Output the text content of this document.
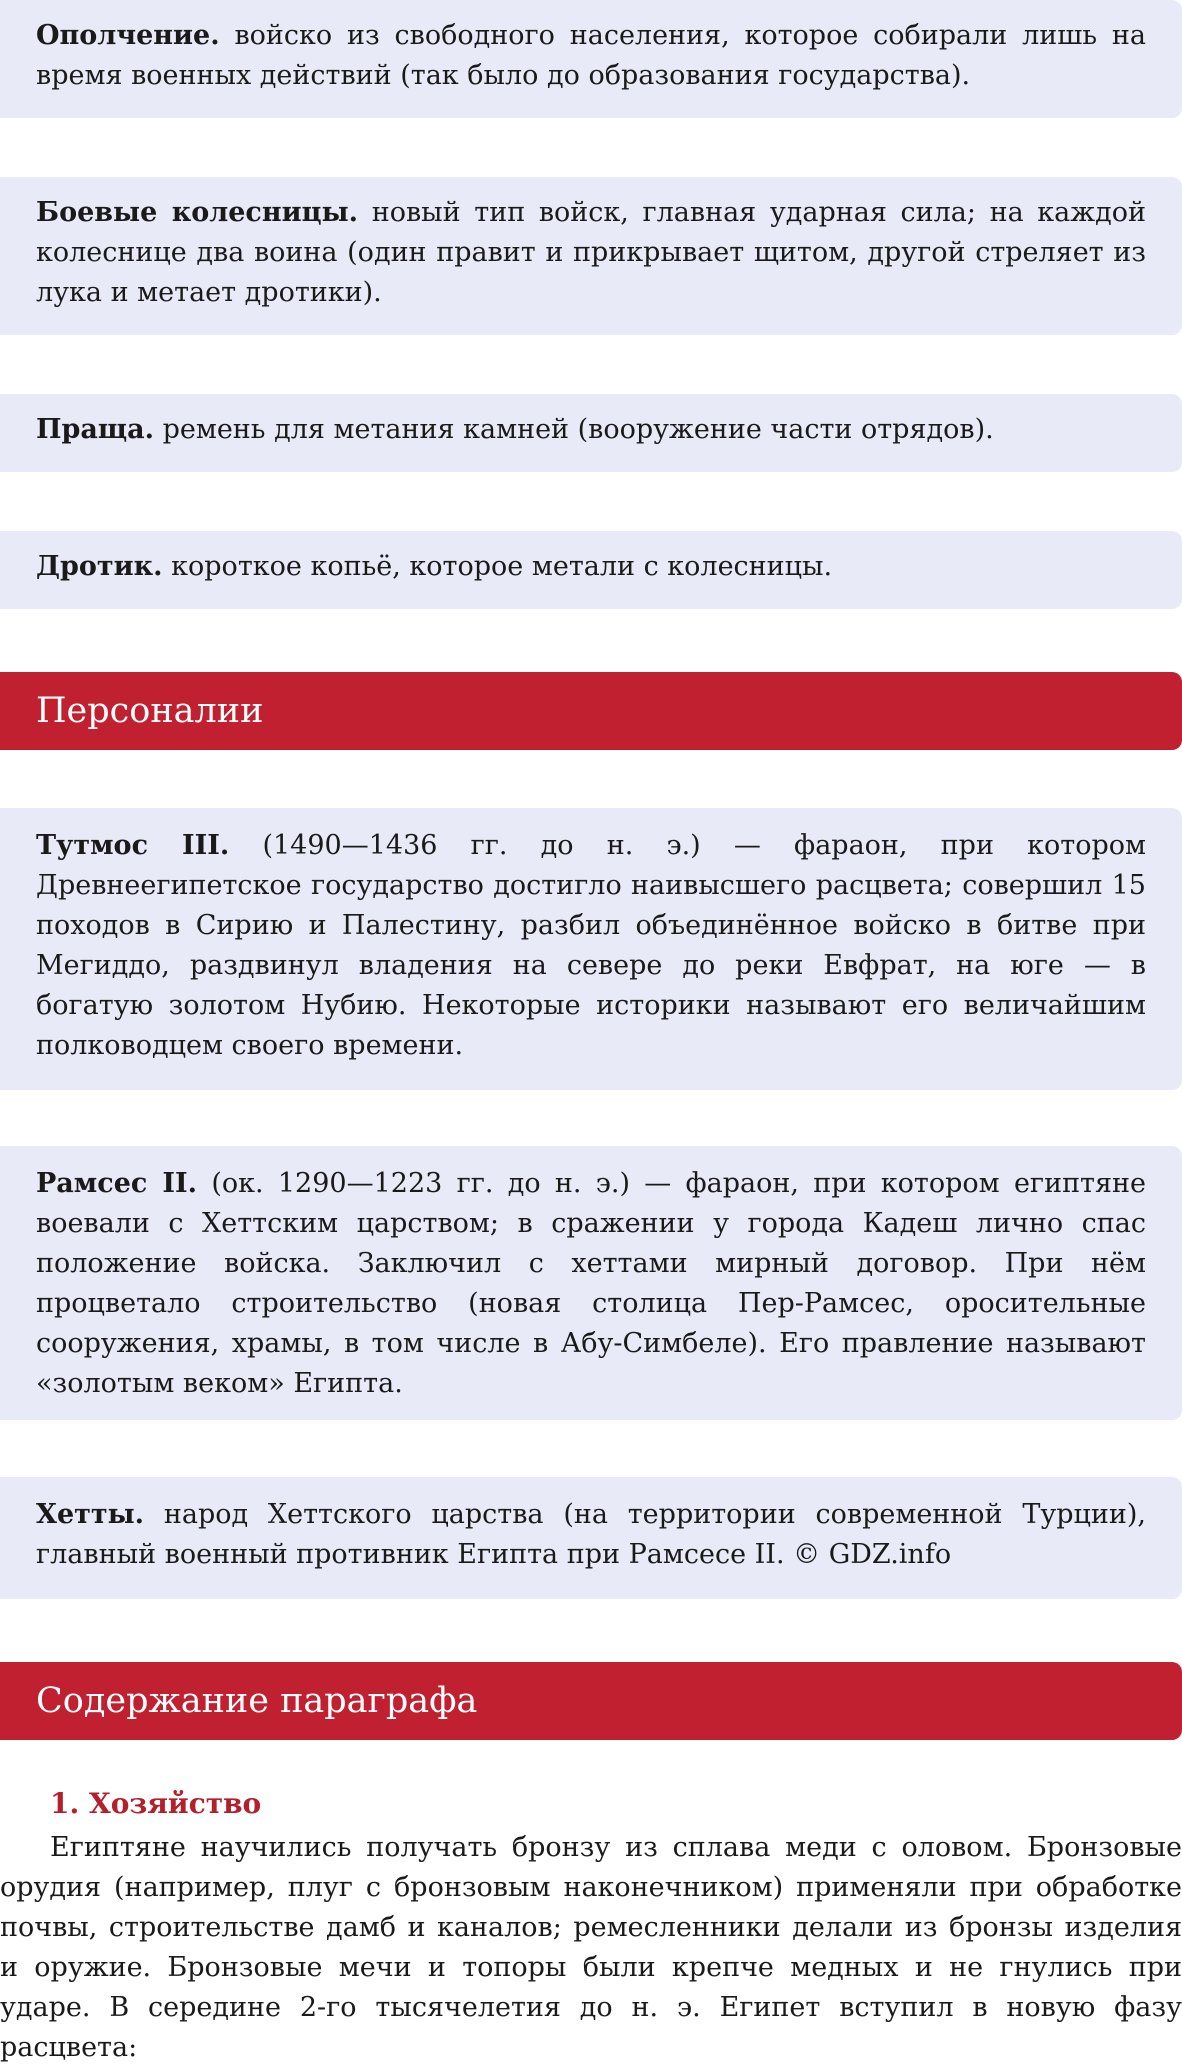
Ополчение. войско из свободного населения, которое собирали лишь на время военных действий (так было до образования государства).
Боевые колесницы. новый тип войск, главная ударная сила; на каждой колеснице два воина (один правит и прикрывает щитом, другой стреляет из лука и метает дротики).
Праща. ремень для метания камней (вооружение части отрядов).
Дротик. короткое копьё, которое метали с колесницы.
Персоналии
Тутмос III. (1490—1436 гг. до н. э.) — фараон, при котором Древнеегипетское государство достигло наивысшего расцвета; совершил 15 походов в Сирию и Палестину, разбил объединённое войско в битве при Мегиддо, раздвинул владения на севере до реки Евфрат, на юге — в богатую золотом Нубию. Некоторые историки называют его величайшим полководцем своего времени.
Рамсес II. (ок. 1290—1223 гг. до н. э.) — фараон, при котором египтяне воевали с Хеттским царством; в сражении у города Кадеш лично спас положение войска. Заключил с хеттами мирный договор. При нём процветало строительство (новая столица Пер-Рамсес, оросительные сооружения, храмы, в том числе в Абу-Симбеле). Его правление называют «золотым веком» Египта.
Хетты. народ Хеттского царства (на территории современной Турции), главный военный противник Египта при Рамсесе II. © GDZ.info
Содержание параграфа
1. Хозяйство
Египтяне научились получать бронзу из сплава меди с оловом. Бронзовые орудия (например, плуг с бронзовым наконечником) применяли при обработке почвы, строительстве дамб и каналов; ремесленники делали из бронзы изделия и оружие. Бронзовые мечи и топоры были крепче медных и не гнулись при ударе. В середине 2-го тысячелетия до н. э. Египет вступил в новую фазу расцвета:
